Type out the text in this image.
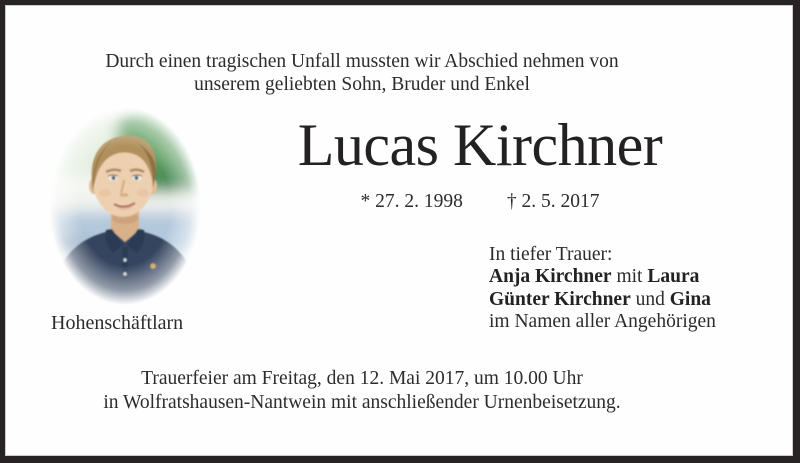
Durch einen tragischen Unfall mussten wir Abschied nehmen von
unserem geliebten Sohn, Bruder und Enkel
Lucas Kirchner
* 27. 2. 1998 † 2. 5. 2017
In tiefer Trauer:
Anja Kirchner mit Laura
Günter Kirchner und Gina
im Namen aller Angehörigen
Hohenschäftlarn
Trauerfeier am Freitag, den 12. Mai 2017, um 10.00 Uhr
in Wolfratshausen-Nantwein mit anschließender Urnenbeisetzung.
